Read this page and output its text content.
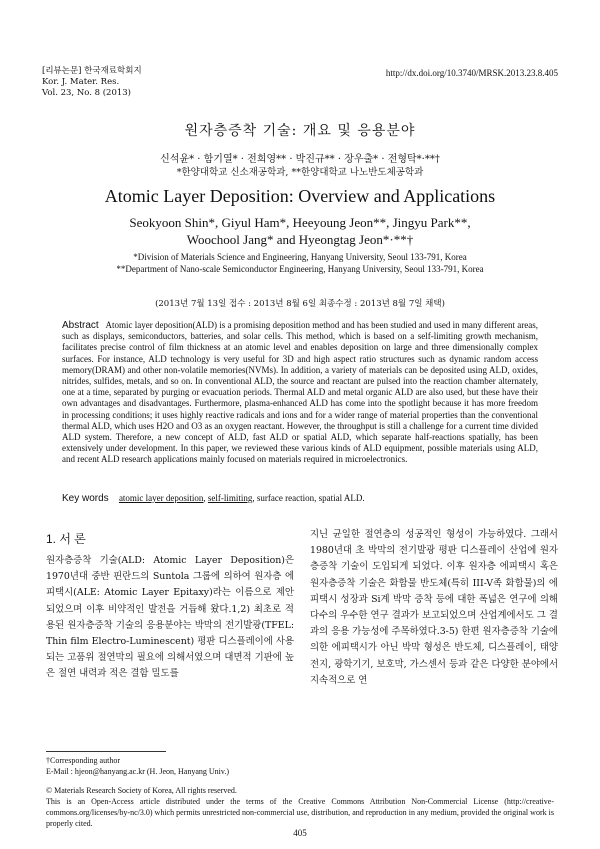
[리뷰논문] 한국재료학회지
Kor. J. Mater. Res.
Vol. 23, No. 8 (2013)
http://dx.doi.org/10.3740/MRSK.2013.23.8.405
원자층증착 기술: 개요 및 응용분야
신석윤* · 함기열* · 전희영** · 박진규** · 장우출* · 전형탁*·**†
*한양대학교 신소재공학과, **한양대학교 나노반도체공학과
Atomic Layer Deposition: Overview and Applications
Seokyoon Shin*, Giyul Ham*, Heeyoung Jeon**, Jingyu Park**,
Woochool Jang* and Hyeongtag Jeon*·**†
*Division of Materials Science and Engineering, Hanyang University, Seoul 133-791, Korea
**Department of Nano-scale Semiconductor Engineering, Hanyang University, Seoul 133-791, Korea
(2013년 7월 13일 접수 : 2013년 8월 6일 최종수정 : 2013년 8월 7일 채택)
Abstract Atomic layer deposition(ALD) is a promising deposition method and has been studied and used in many different areas, such as displays, semiconductors, batteries, and solar cells. This method, which is based on a self-limiting growth mechanism, facilitates precise control of film thickness at an atomic level and enables deposition on large and three dimensionally complex surfaces. For instance, ALD technology is very useful for 3D and high aspect ratio structures such as dynamic random access memory(DRAM) and other non-volatile memories(NVMs). In addition, a variety of materials can be deposited using ALD, oxides, nitrides, sulfides, metals, and so on. In conventional ALD, the source and reactant are pulsed into the reaction chamber alternately, one at a time, separated by purging or evacuation periods. Thermal ALD and metal organic ALD are also used, but these have their own advantages and disadvantages. Furthermore, plasma-enhanced ALD has come into the spotlight because it has more freedom in processing conditions; it uses highly reactive radicals and ions and for a wider range of material properties than the conventional thermal ALD, which uses H2O and O3 as an oxygen reactant. However, the throughput is still a challenge for a current time divided ALD system. Therefore, a new concept of ALD, fast ALD or spatial ALD, which separate half-reactions spatially, has been extensively under development. In this paper, we reviewed these various kinds of ALD equipment, possible materials using ALD, and recent ALD research applications mainly focused on materials required in microelectronics.
Key words atomic layer deposition, self-limiting, surface reaction, spatial ALD.
1. 서 론

원자층증착 기술(ALD: Atomic Layer Deposition)은 1970년대 중반 핀란드의 Suntola 그룹에 의하여 원자층 에피택시(ALE: Atomic Layer Epitaxy)라는 이름으로 제안되었으며 이후 비약적인 발전을 거듭해 왔다.1,2) 최초로 적용된 원자층증착 기술의 응용분야는 박막의 전기발광(TFEL: Thin film Electro-Luminescent) 평판 디스플레이에 사용되는 고품위 절연막의 필요에 의해서였으며 대면적 기판에 높은 절연 내력과 적은 결함 밀도를

지닌 균일한 절연층의 성공적인 형성이 가능하였다. 그래서 1980년대 초 박막의 전기발광 평판 디스플레이 산업에 원자층증착 기술이 도입되게 되었다. 이후 원자층 에피택시 혹은 원자층증착 기술은 화합물 반도체(특히 III-V족 화합물)의 에피택시 성장과 Si계 박막 증착 등에 대한 폭넓은 연구에 의해 다수의 우수한 연구 결과가 보고되었으며 산업계에서도 그 결과의 응용 가능성에 주목하였다.3-5) 한편 원자층증착 기술에 의한 에피택시가 아닌 박막 형성은 반도체, 디스플레이, 태양전지, 광학기기, 보호막, 가스센서 등과 같은 다양한 분야에서 지속적으로 연

†Corresponding author
E-Mail : hjeon@hanyang.ac.kr (H. Jeon, Hanyang Univ.)
© Materials Research Society of Korea, All rights reserved.
This is an Open-Access article distributed under the terms of the Creative Commons Attribution Non-Commercial License (http://creative-commons.org/licenses/by-nc/3.0) which permits unrestricted non-commercial use, distribution, and reproduction in any medium, provided the original work is properly cited.
405
